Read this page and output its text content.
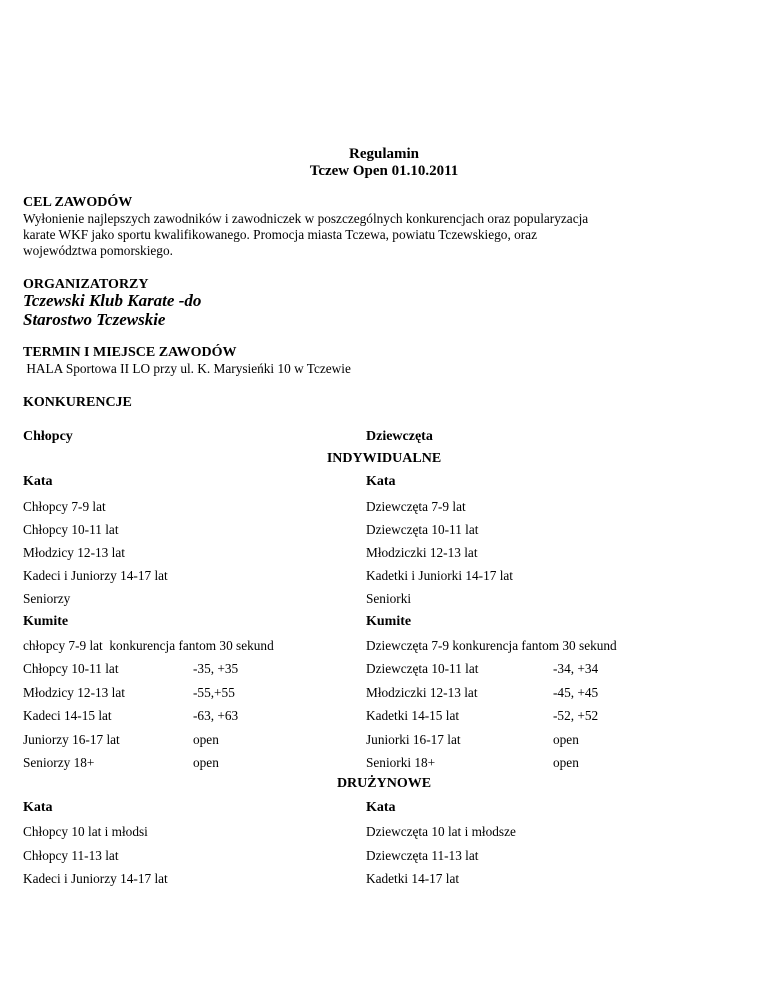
Regulamin
Tczew Open 01.10.2011
CEL ZAWODÓW
Wyłonienie najlepszych zawodników i zawodniczek w poszczególnych konkurencjach oraz popularyzacja
karate WKF jako sportu kwalifikowanego. Promocja miasta Tczewa, powiatu Tczewskiego, oraz
województwa pomorskiego.
ORGANIZATORZY
Tczewski Klub Karate -do
Starostwo Tczewskie
TERMIN I MIEJSCE ZAWODÓW
HALA Sportowa II LO przy ul. K. Marysieńki 10 w Tczewie
KONKURENCJE
Chłopcy	Dziewczęta
INDYWIDUALNE
Kata	Kata
Chłopcy 7-9 lat	Dziewczęta 7-9 lat
Chłopcy 10-11 lat	Dziewczęta 10-11 lat
Młodzicy 12-13 lat	Młodziczki 12-13 lat
Kadeci i Juniorzy 14-17 lat	Kadetki i Juniorki 14-17 lat
Seniorzy	Seniorki
Kumite	Kumite
chłopcy 7-9 lat  konkurencja fantom 30 sekund	Dziewczęta 7-9 konkurencja fantom 30 sekund
Chłopcy 10-11 lat	-35, +35	Dziewczęta 10-11 lat	-34, +34
Młodzicy 12-13 lat	-55,+55	Młodziczki 12-13 lat	-45, +45
Kadeci 14-15 lat	-63, +63	Kadetki 14-15 lat	-52, +52
Juniorzy 16-17 lat	open	Juniorki 16-17 lat	open
Seniorzy 18+	open	Seniorki 18+	open
DRUŻYNOWE
Kata	Kata
Chłopcy 10 lat i młodsi	Dziewczęta 10 lat i młodsze
Chłopcy 11-13 lat	Dziewczęta 11-13 lat
Kadeci i Juniorzy 14-17 lat	Kadetki 14-17 lat
